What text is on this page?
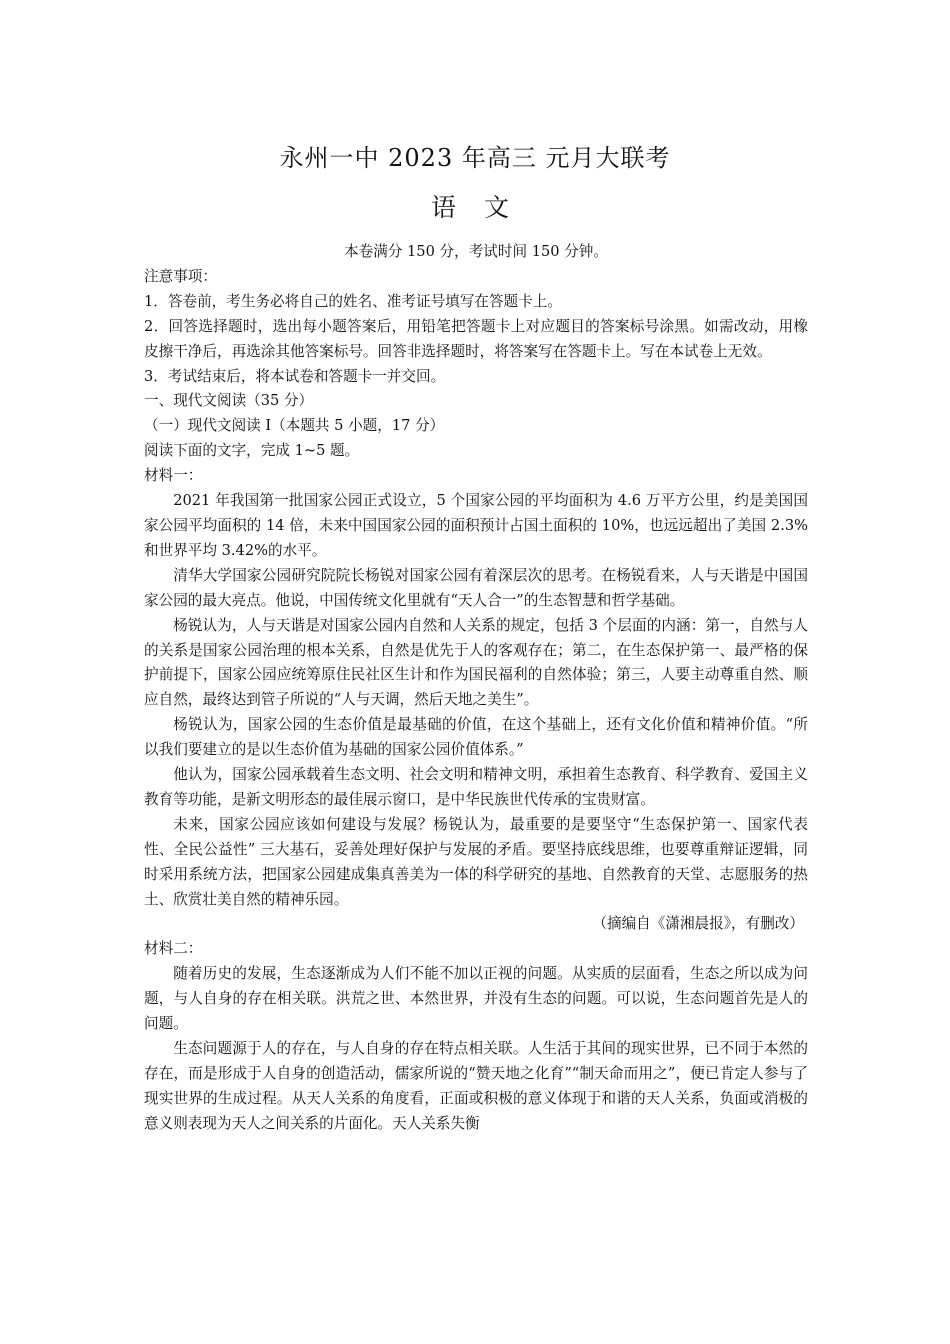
永州一中 2023 年高三 元月大联考
语 文

本卷满分 150 分，考试时间 150 分钟。

注意事项：

1．答卷前，考生务必将自己的姓名、准考证号填写在答题卡上。

2．回答选择题时，选出每小题答案后，用铅笔把答题卡上对应题目的答案标号涂黑。如需改动，用橡皮擦干净后，再选涂其他答案标号。回答非选择题时，将答案写在答题卡上。写在本试卷上无效。

3．考试结束后，将本试卷和答题卡一并交回。

一、现代文阅读（35 分）

（一）现代文阅读 I（本题共 5 小题，17 分）

阅读下面的文字，完成 1~5 题。

材料一：

2021 年我国第一批国家公园正式设立，5 个国家公园的平均面积为 4.6 万平方公里，约是美国国家公园平均面积的 14 倍，未来中国国家公园的面积预计占国土面积的 10%，也远远超出了美国 2.3%和世界平均 3.42%的水平。

清华大学国家公园研究院院长杨锐对国家公园有着深层次的思考。在杨锐看来，人与天谐是中国国家公园的最大亮点。他说，中国传统文化里就有“天人合一”的生态智慧和哲学基础。

杨锐认为，人与天谐是对国家公园内自然和人关系的规定，包括 3 个层面的内涵：第一，自然与人的关系是国家公园治理的根本关系，自然是优先于人的客观存在；第二，在生态保护第一、最严格的保护前提下，国家公园应统筹原住民社区生计和作为国民福利的自然体验；第三，人要主动尊重自然、顺应自然，最终达到管子所说的“人与天调，然后天地之美生”。

杨锐认为，国家公园的生态价值是最基础的价值，在这个基础上，还有文化价值和精神价值。“所以我们要建立的是以生态价值为基础的国家公园价值体系。”

他认为，国家公园承载着生态文明、社会文明和精神文明，承担着生态教育、科学教育、爱国主义教育等功能，是新文明形态的最佳展示窗口，是中华民族世代传承的宝贵财富。

未来，国家公园应该如何建设与发展？杨锐认为，最重要的是要坚守“生态保护第一、国家代表性、全民公益性” 三大基石，妥善处理好保护与发展的矛盾。要坚持底线思维，也要尊重辩证逻辑，同时采用系统方法，把国家公园建成集真善美为一体的科学研究的基地、自然教育的天堂、志愿服务的热土、欣赏壮美自然的精神乐园。

（摘编自《潇湘晨报》，有删改）

材料二：

随着历史的发展，生态逐渐成为人们不能不加以正视的问题。从实质的层面看，生态之所以成为问题，与人自身的存在相关联。洪荒之世、本然世界，并没有生态的问题。可以说，生态问题首先是人的问题。

生态问题源于人的存在，与人自身的存在特点相关联。人生活于其间的现实世界，已不同于本然的存在，而是形成于人自身的创造活动，儒家所说的“赞天地之化育”“制天命而用之”，便已肯定人参与了现实世界的生成过程。从天人关系的角度看，正面或积极的意义体现于和谐的天人关系，负面或消极的意义则表现为天人之间关系的片面化。天人关系失衡
